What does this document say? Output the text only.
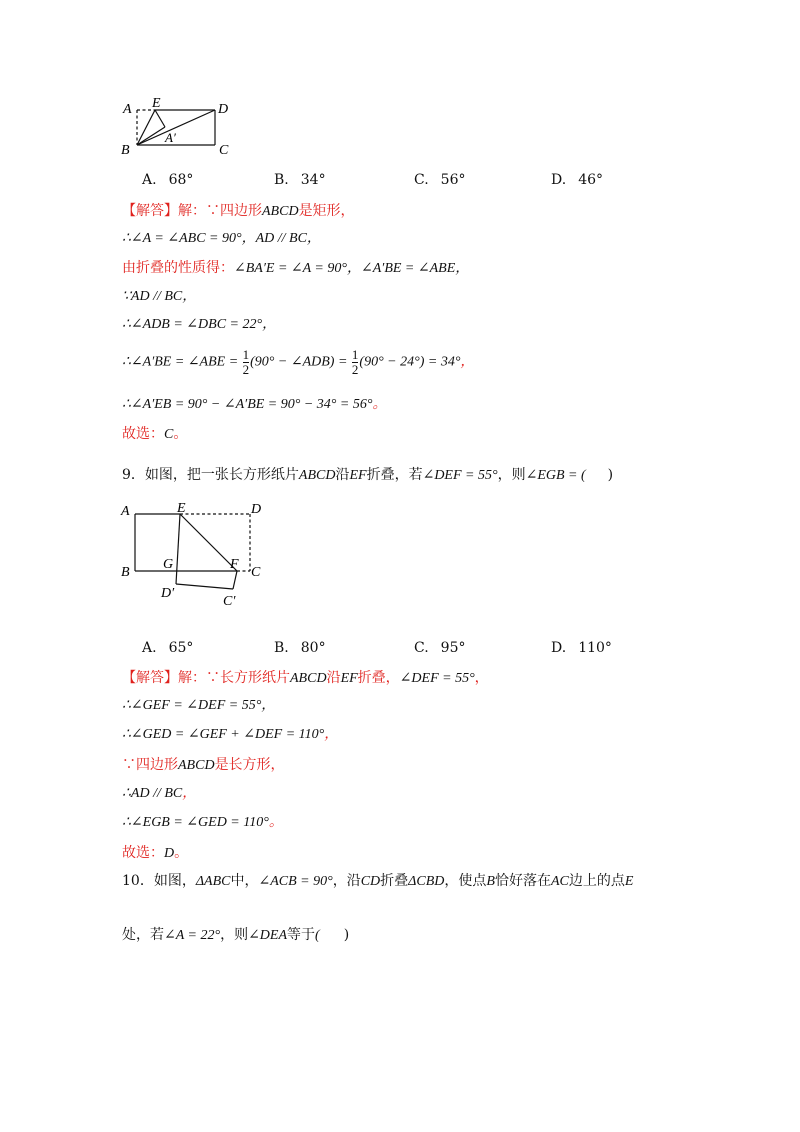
A E	D
A′
B	C
A. 68°	B. 34°	C. 56°	D. 46°
【解答】解：∵四边形ABCD是矩形，
∴∠A = ∠ABC = 90°，AD // BC，
由折叠的性质得：∠BA′E = ∠A = 90°，∠A′BE = ∠ABE，
∵AD // BC，
∴∠ADB = ∠DBC = 22°，
∴∠A′BE = ∠ABE = $\frac{1}{2} (90^\circ$ − ∠ADB) = $\frac{1}{2} (90^\circ - 24^\circ) = 34^\circ$，
∴∠A′EB = 90° − ∠A′BE = 90° − 34° = 56°。
故选：C。
9．如图，把一张长方形纸片ABCD沿EF折叠，若∠DEF = 55°，则∠EGB = ( )
A	E	D
B
G	F
C
D′
C′
A. 65°	B. 80°	C. 95°	D. 110°
【解答】解：∵长方形纸片ABCD沿EF折叠，∠DEF = 55°，
∴∠GEF = ∠DEF = 55°，
∴∠GED = ∠GEF + ∠DEF = 110°，
∵四边形ABCD是长方形，
∴AD // BC，
∴∠EGB = ∠GED = 110°。
故选：D。
10．如图，ΔABC中，∠ACB = 90°，沿CD折叠ΔCBD，使点B恰好落在AC边上的点E
处，若∠A = 22°，则∠DEA等于( )
